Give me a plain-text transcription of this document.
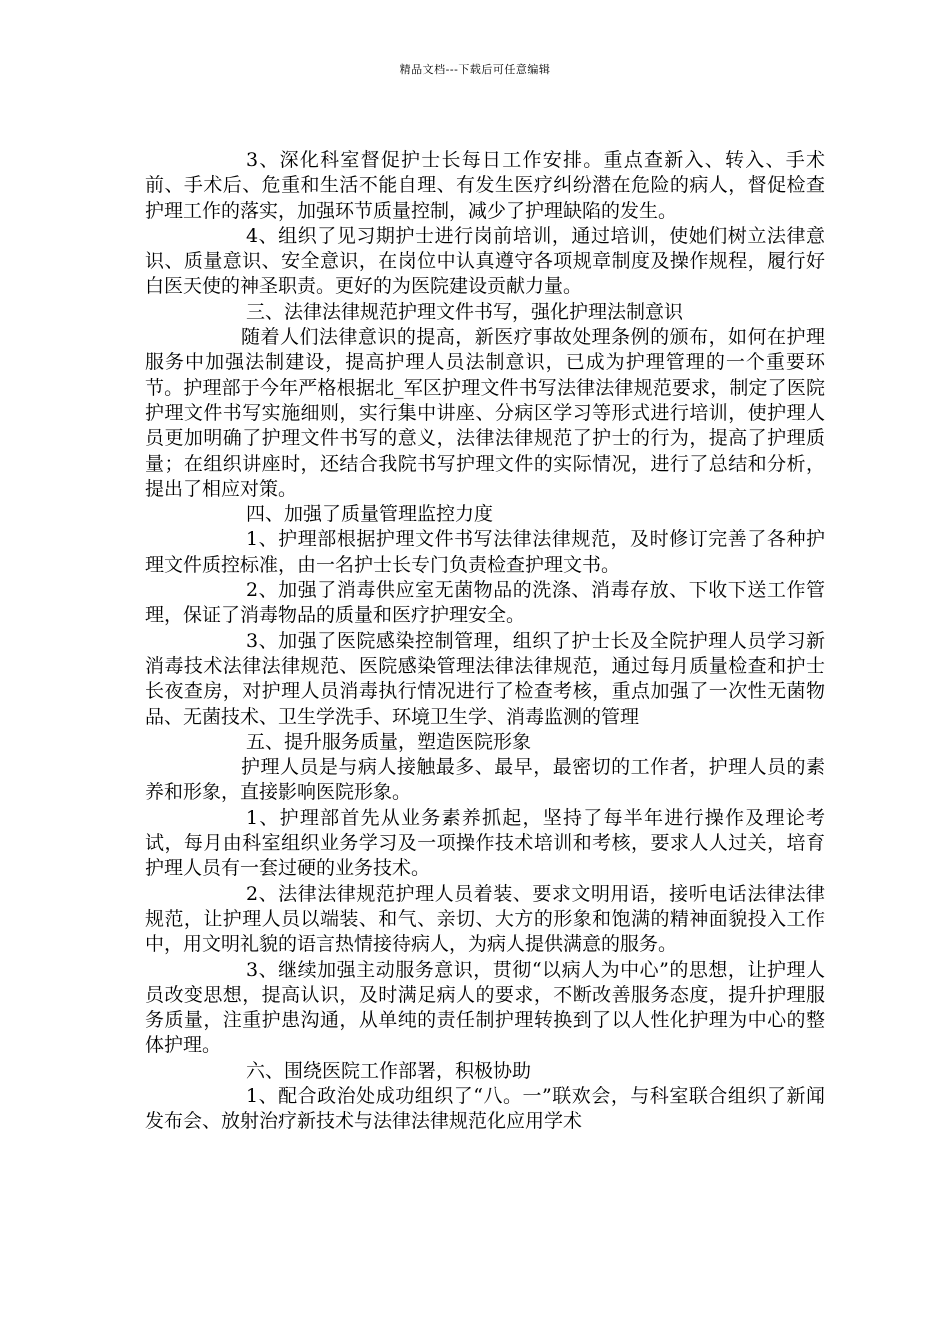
精品文档---下载后可任意编辑

3、深化科室督促护士长每日工作安排。重点查新入、转入、手术前、手术后、危重和生活不能自理、有发生医疗纠纷潜在危险的病人，督促检查护理工作的落实，加强环节质量控制，减少了护理缺陷的发生。

4、组织了见习期护士进行岗前培训，通过培训，使她们树立法律意识、质量意识、安全意识，在岗位中认真遵守各项规章制度及操作规程，履行好白医天使的神圣职责。更好的为医院建设贡献力量。

三、法律法律规范护理文件书写，强化护理法制意识

随着人们法律意识的提高，新医疗事故处理条例的颁布，如何在护理服务中加强法制建设，提高护理人员法制意识，已成为护理管理的一个重要环节。护理部于今年严格根据北_军区护理文件书写法律法律规范要求，制定了医院护理文件书写实施细则，实行集中讲座、分病区学习等形式进行培训，使护理人员更加明确了护理文件书写的意义，法律法律规范了护士的行为，提高了护理质量；在组织讲座时，还结合我院书写护理文件的实际情况，进行了总结和分析，提出了相应对策。

四、加强了质量管理监控力度

1、护理部根据护理文件书写法律法律规范，及时修订完善了各种护理文件质控标准，由一名护士长专门负责检查护理文书。

2、加强了消毒供应室无菌物品的洗涤、消毒存放、下收下送工作管理，保证了消毒物品的质量和医疗护理安全。

3、加强了医院感染控制管理，组织了护士长及全院护理人员学习新消毒技术法律法律规范、医院感染管理法律法律规范，通过每月质量检查和护士长夜查房，对护理人员消毒执行情况进行了检查考核，重点加强了一次性无菌物品、无菌技术、卫生学洗手、环境卫生学、消毒监测的管理

五、提升服务质量，塑造医院形象

护理人员是与病人接触最多、最早，最密切的工作者，护理人员的素养和形象，直接影响医院形象。

1、护理部首先从业务素养抓起，坚持了每半年进行操作及理论考试，每月由科室组织业务学习及一项操作技术培训和考核，要求人人过关，培育护理人员有一套过硬的业务技术。

2、法律法律规范护理人员着装、要求文明用语，接听电话法律法律规范，让护理人员以端装、和气、亲切、大方的形象和饱满的精神面貌投入工作中，用文明礼貌的语言热情接待病人，为病人提供满意的服务。

3、继续加强主动服务意识，贯彻“以病人为中心”的思想，让护理人员改变思想，提高认识，及时满足病人的要求，不断改善服务态度，提升护理服务质量，注重护患沟通，从单纯的责任制护理转换到了以人性化护理为中心的整体护理。

六、围绕医院工作部署，积极协助

1、配合政治处成功组织了“八。一”联欢会，与科室联合组织了新闻发布会、放射治疗新技术与法律法律规范化应用学术
